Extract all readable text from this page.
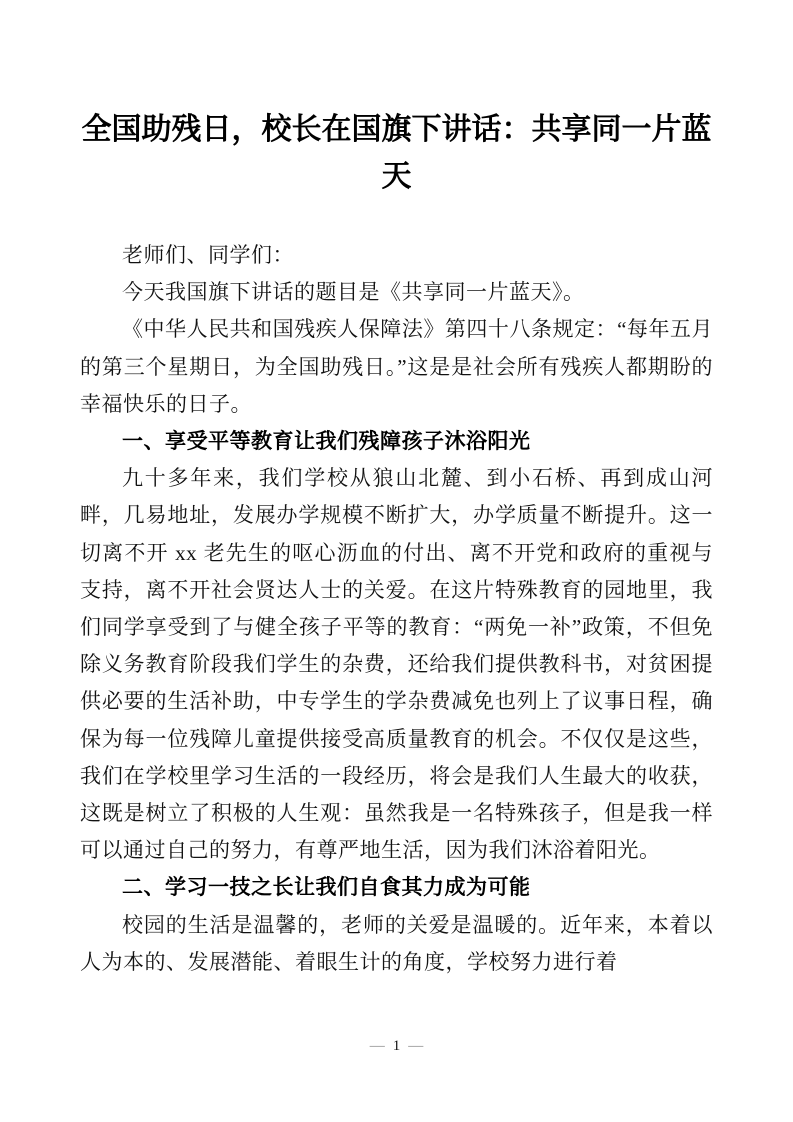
全国助残日，校长在国旗下讲话：共享同一片蓝天

老师们、同学们：

今天我国旗下讲话的题目是《共享同一片蓝天》。

《中华人民共和国残疾人保障法》第四十八条规定：“每年五月的第三个星期日，为全国助残日。”这是是社会所有残疾人都期盼的幸福快乐的日子。

一、享受平等教育让我们残障孩子沐浴阳光

九十多年来，我们学校从狼山北麓、到小石桥、再到成山河畔，几易地址，发展办学规模不断扩大，办学质量不断提升。这一切离不开 xx 老先生的呕心沥血的付出、离不开党和政府的重视与支持，离不开社会贤达人士的关爱。在这片特殊教育的园地里，我们同学享受到了与健全孩子平等的教育：“两免一补”政策，不但免除义务教育阶段我们学生的杂费，还给我们提供教科书，对贫困提供必要的生活补助，中专学生的学杂费减免也列上了议事日程，确保为每一位残障儿童提供接受高质量教育的机会。不仅仅是这些，我们在学校里学习生活的一段经历，将会是我们人生最大的收获，这既是树立了积极的人生观：虽然我是一名特殊孩子，但是我一样可以通过自己的努力，有尊严地生活，因为我们沐浴着阳光。

二、学习一技之长让我们自食其力成为可能

校园的生活是温馨的，老师的关爱是温暖的。近年来，本着以人为本的、发展潜能、着眼生计的角度，学校努力进行着

— 1 —
